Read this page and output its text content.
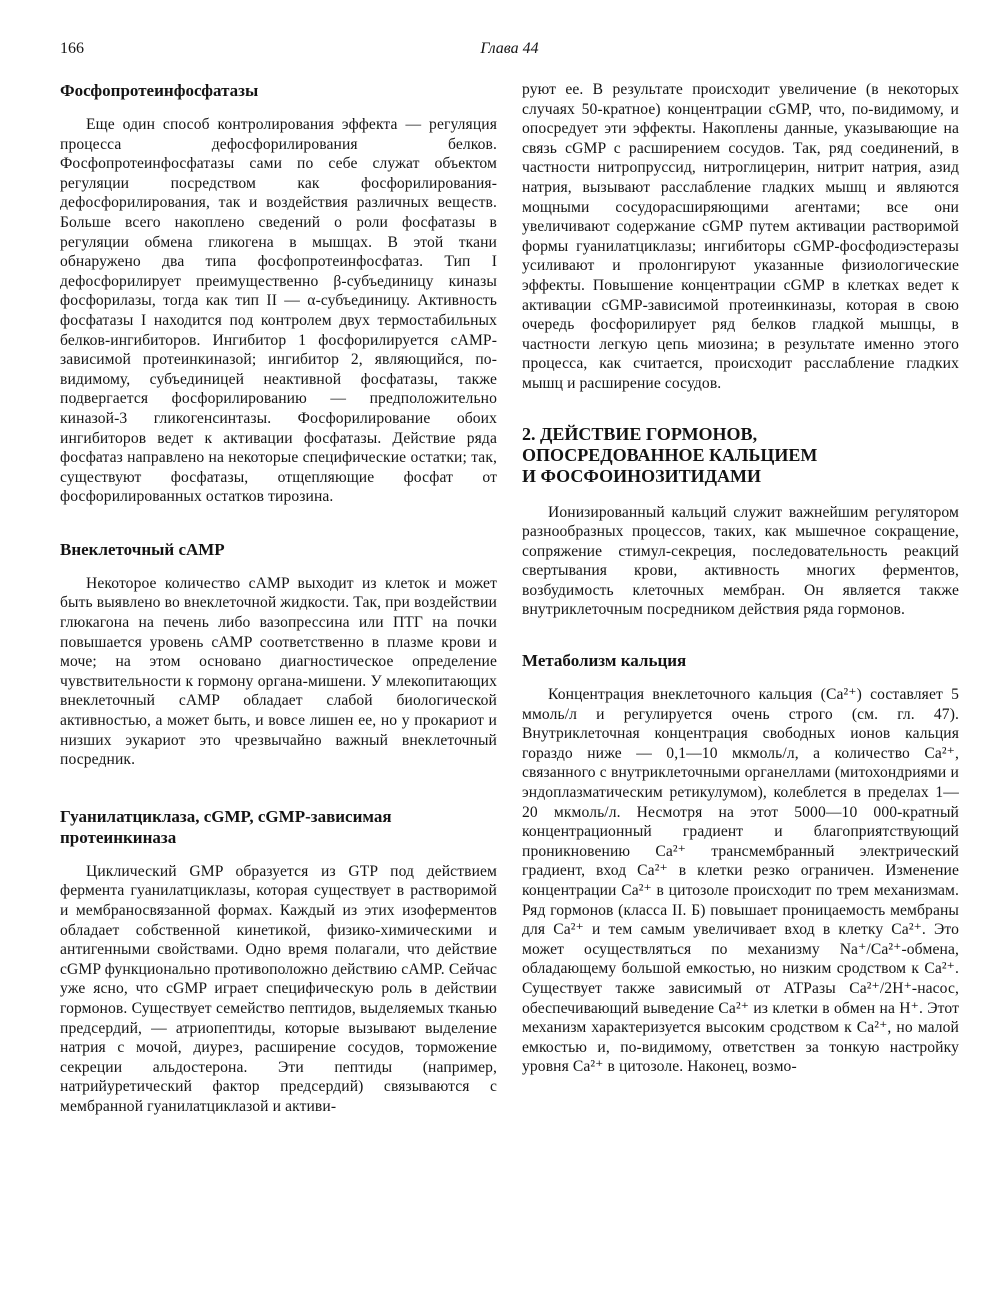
166	Глава 44
Фосфопротеинфосфатазы

Еще один способ контролирования эффекта — регуляция процесса дефосфорилирования белков. Фосфопротеинфосфатазы сами по себе служат объектом регуляции посредством как фосфорилирования-дефосфорилирования, так и воздействия различных веществ. Больше всего накоплено сведений о роли фосфатазы в регуляции обмена гликогена в мышцах. В этой ткани обнаружено два типа фосфопротеинфосфатаз. Тип I дефосфорилирует преимущественно β-субъединицу киназы фосфорилазы, тогда как тип II — α-субъединицу. Активность фосфатазы I находится под контролем двух термостабильных белков-ингибиторов. Ингибитор 1 фосфорилируется cAMP-зависимой протеинкиназой; ингибитор 2, являющийся, по-видимому, субъединицей неактивной фосфатазы, также подвергается фосфорилированию — предположительно киназой-3 гликогенсинтазы. Фосфорилирование обоих ингибиторов ведет к активации фосфатазы. Действие ряда фосфатаз направлено на некоторые специфические остатки; так, существуют фосфатазы, отщепляющие фосфат от фосфорилированных остатков тирозина.

Внеклеточный cAMP

Некоторое количество cAMP выходит из клеток и может быть выявлено во внеклеточной жидкости. Так, при воздействии глюкагона на печень либо вазопрессина или ПТГ на почки повышается уровень cAMP соответственно в плазме крови и моче; на этом основано диагностическое определение чувствительности к гормону органа-мишени. У млекопитающих внеклеточный cAMP обладает слабой биологической активностью, а может быть, и вовсе лишен ее, но у прокариот и низших эукариот это чрезвычайно важный внеклеточный посредник.

Гуанилатциклаза, cGMP, cGMP-зависимая протеинкиназа

Циклический GMP образуется из GTP под действием фермента гуанилатциклазы, которая существует в растворимой и мембраносвязанной формах. Каждый из этих изоферментов обладает собственной кинетикой, физико-химическими и антигенными свойствами. Одно время полагали, что действие cGMP функционально противоположно действию cAMP. Сейчас уже ясно, что cGMP играет специфическую роль в действии гормонов. Существует семейство пептидов, выделяемых тканью предсердий, — атриопептиды, которые вызывают выделение натрия с мочой, диурез, расширение сосудов, торможение секреции альдостерона. Эти пептиды (например, натрийуретический фактор предсердий) связываются с мембранной гуанилатциклазой и активи-

руют ее. В результате происходит увеличение (в некоторых случаях 50-кратное) концентрации cGMP, что, по-видимому, и опосредует эти эффекты. Накоплены данные, указывающие на связь cGMP с расширением сосудов. Так, ряд соединений, в частности нитропруссид, нитроглицерин, нитрит натрия, азид натрия, вызывают расслабление гладких мышц и являются мощными сосудорасширяющими агентами; все они увеличивают содержание cGMP путем активации растворимой формы гуанилатциклазы; ингибиторы cGMP-фосфодиэстеразы усиливают и пролонгируют указанные физиологические эффекты. Повышение концентрации cGMP в клетках ведет к активации cGMP-зависимой протеинкиназы, которая в свою очередь фосфорилирует ряд белков гладкой мышцы, в частности легкую цепь миозина; в результате именно этого процесса, как считается, происходит расслабление гладких мышц и расширение сосудов.

2. ДЕЙСТВИЕ ГОРМОНОВ,
ОПОСРЕДОВАННОЕ КАЛЬЦИЕМ
И ФОСФОИНОЗИТИДАМИ

Ионизированный кальций служит важнейшим регулятором разнообразных процессов, таких, как мышечное сокращение, сопряжение стимул-секреция, последовательность реакций свертывания крови, активность многих ферментов, возбудимость клеточных мембран. Он является также внутриклеточным посредником действия ряда гормонов.

Метаболизм кальция

Концентрация внеклеточного кальция (Ca²⁺) составляет 5 ммоль/л и регулируется очень строго (см. гл. 47). Внутриклеточная концентрация свободных ионов кальция гораздо ниже — 0,1—10 мкмоль/л, а количество Ca²⁺, связанного с внутриклеточными органеллами (митохондриями и эндоплазматическим ретикулумом), колеблется в пределах 1—20 мкмоль/л. Несмотря на этот 5000—10 000-кратный концентрационный градиент и благоприятствующий проникновению Ca²⁺ трансмембранный электрический градиент, вход Ca²⁺ в клетки резко ограничен. Изменение концентрации Ca²⁺ в цитозоле происходит по трем механизмам. Ряд гормонов (класса II. Б) повышает проницаемость мембраны для Ca²⁺ и тем самым увеличивает вход в клетку Ca²⁺. Это может осуществляться по механизму Na⁺/Ca²⁺-обмена, обладающему большой емкостью, но низким сродством к Ca²⁺. Существует также зависимый от АТРазы Ca²⁺/2H⁺-насос, обеспечивающий выведение Ca²⁺ из клетки в обмен на H⁺. Этот механизм характеризуется высоким сродством к Ca²⁺, но малой емкостью и, по-видимому, ответствен за тонкую настройку уровня Ca²⁺ в цитозоле. Наконец, возмо-
